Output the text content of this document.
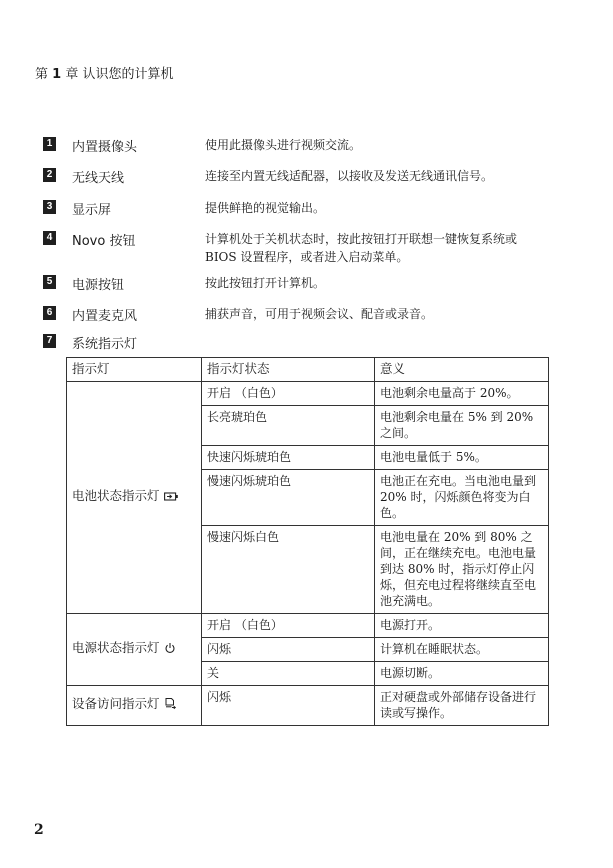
第 1 章 认识您的计算机
1 内置摄像头	使用此摄像头进行视频交流。
2 无线天线	连接至内置无线适配器，以接收及发送无线通讯信号。
3 显示屏	提供鲜艳的视觉输出。
4 Novo 按钮	计算机处于关机状态时，按此按钮打开联想一键恢复系统或 BIOS 设置程序，或者进入启动菜单。
5 电源按钮	按此按钮打开计算机。
6 内置麦克风	捕获声音，可用于视频会议、配音或录音。
7 系统指示灯
指示灯	指示灯状态	意义
电池状态指示灯	开启 （白色）	电池剩余电量高于 20%。
	长亮琥珀色	电池剩余电量在 5% 到 20% 之间。
	快速闪烁琥珀色	电池电量低于 5%。
	慢速闪烁琥珀色	电池正在充电。当电池电量到 20% 时，闪烁颜色将变为白色。
	慢速闪烁白色	电池电量在 20% 到 80% 之间，正在继续充电。电池电量到达 80% 时，指示灯停止闪烁，但充电过程将继续直至电池充满电。
电源状态指示灯	开启 （白色）	电源打开。
	闪烁	计算机在睡眠状态。
	关	电源切断。
设备访问指示灯	闪烁	正对硬盘或外部储存设备进行读或写操作。
2
